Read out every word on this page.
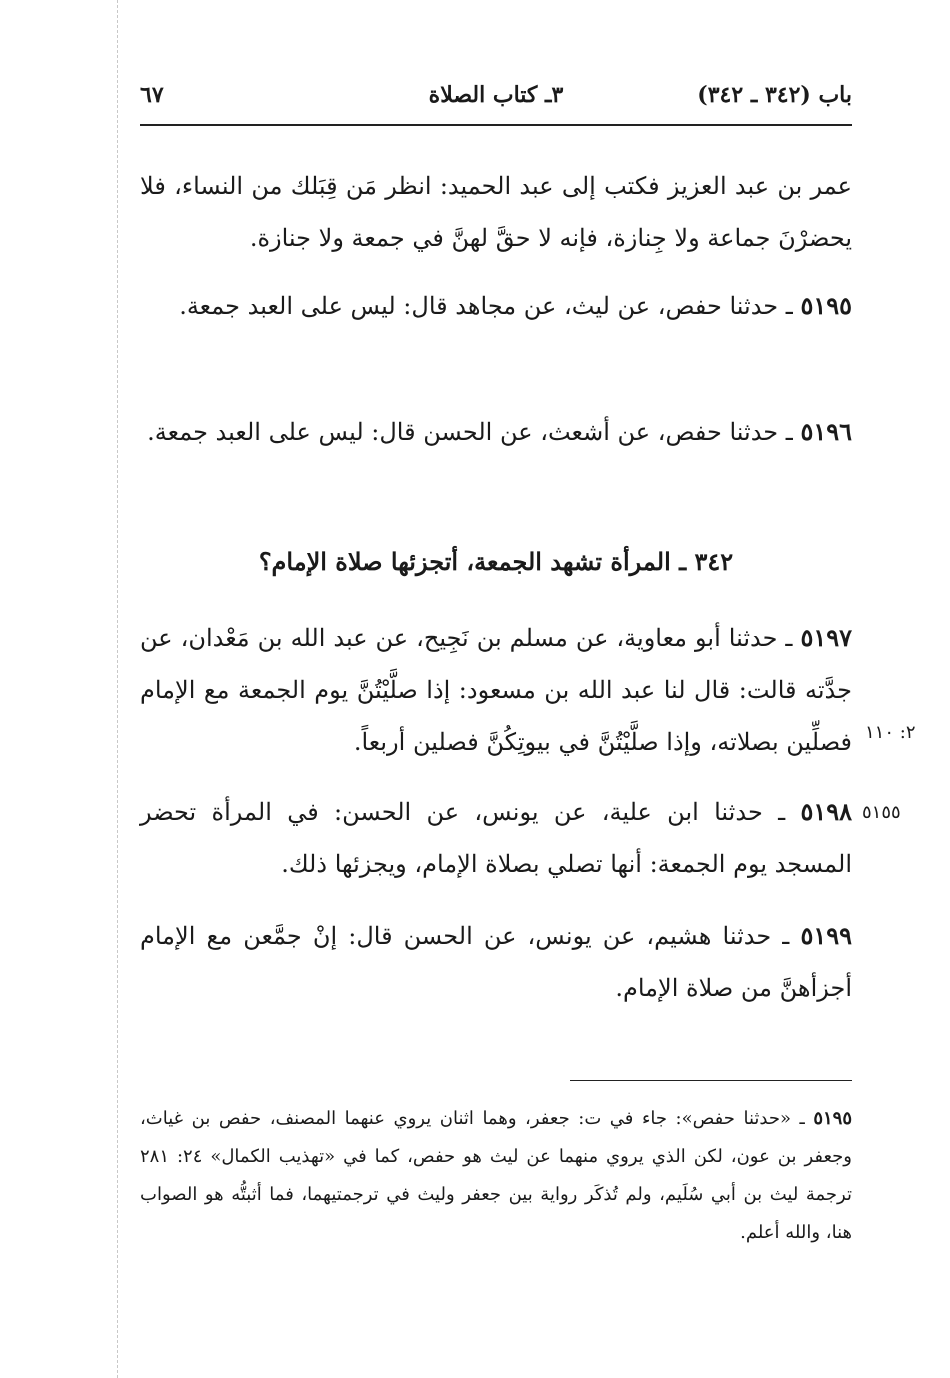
باب (٣٤٢ ـ ٣٤٢)
٣ـ كتاب الصلاة
٦٧
عمر بن عبد العزيز فكتب إلى عبد الحميد: انظر مَن قِبَلك من النساء، فلا يحضرْنَ جماعة ولا جِنازة، فإنه لا حقَّ لهنَّ في جمعة ولا جنازة.
٥١٩٥ ـ حدثنا حفص، عن ليث، عن مجاهد قال: ليس على العبد جمعة.
٥١٩٦ ـ حدثنا حفص، عن أشعث، عن الحسن قال: ليس على العبد جمعة.
٣٤٢ ـ المرأة تشهد الجمعة، أتجزئها صلاة الإمام؟
٥١٩٧ ـ حدثنا أبو معاوية، عن مسلم بن نَجِيح، عن عبد الله بن مَعْدان، عن جدَّته قالت: قال لنا عبد الله بن مسعود: إذا صلَّيْتُنَّ يوم الجمعة مع الإمام فصلِّين بصلاته، وإذا صلَّيْتُنَّ في بيوتِكُنَّ فصلين أربعاً.
٥١٩٨ ـ حدثنا ابن علية، عن يونس، عن الحسن: في المرأة تحضر المسجد يوم الجمعة: أنها تصلي بصلاة الإمام، ويجزئها ذلك.
٥١٩٩ ـ حدثنا هشيم، عن يونس، عن الحسن قال: إنْ جمَّعن مع الإمام أجزأهنَّ من صلاة الإمام.
٥١٩٥ ـ «حدثنا حفص»: جاء في ت: جعفر، وهما اثنان يروي عنهما المصنف، حفص بن غياث، وجعفر بن عون، لكن الذي يروي منهما عن ليث هو حفص، كما في «تهذيب الكمال» ٢٤: ٢٨١ ترجمة ليث بن أبي سُلَيم، ولم تُذكَر رواية بين جعفر وليث في ترجمتيهما، فما أثبتُّه هو الصواب هنا، والله أعلم.
٢: ١١٠
٥١٥٥
